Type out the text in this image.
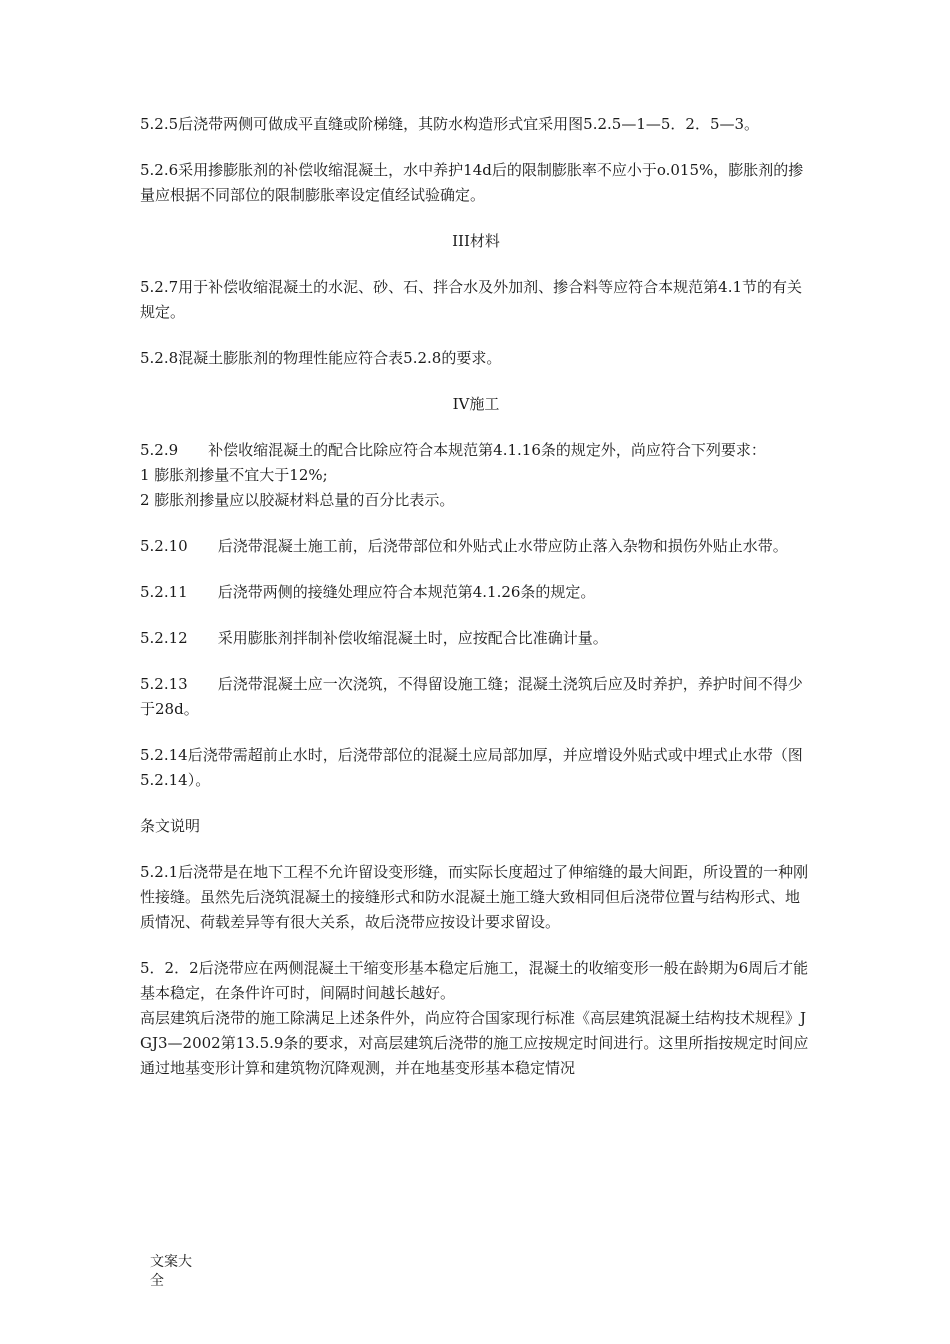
5.2.5后浇带两侧可做成平直缝或阶梯缝，其防水构造形式宜采用图5.2.5—1—5．2．5—3。

5.2.6采用掺膨胀剂的补偿收缩混凝土，水中养护14d后的限制膨胀率不应小于o.015%，膨胀剂的掺量应根据不同部位的限制膨胀率设定值经试验确定。

III材料

5.2.7用于补偿收缩混凝土的水泥、砂、石、拌合水及外加剂、掺合料等应符合本规范第4.1节的有关规定。

5.2.8混凝土膨胀剂的物理性能应符合表5.2.8的要求。

IV施工

5.2.9　　补偿收缩混凝土的配合比除应符合本规范第4.1.16条的规定外，尚应符合下列要求：

1 膨胀剂掺量不宜大于12%;

2 膨胀剂掺量应以胶凝材料总量的百分比表示。

5.2.10　　后浇带混凝土施工前，后浇带部位和外贴式止水带应防止落入杂物和损伤外贴止水带。

5.2.11　　后浇带两侧的接缝处理应符合本规范第4.1.26条的规定。

5.2.12　　采用膨胀剂拌制补偿收缩混凝土时，应按配合比准确计量。

5.2.13　　后浇带混凝土应一次浇筑，不得留设施工缝；混凝土浇筑后应及时养护，养护时间不得少于28d。

5.2.14后浇带需超前止水时，后浇带部位的混凝土应局部加厚，并应增设外贴式或中埋式止水带（图5.2.14）。

条文说明

5.2.1后浇带是在地下工程不允许留设变形缝，而实际长度超过了伸缩缝的最大间距，所设置的一种刚性接缝。虽然先后浇筑混凝土的接缝形式和防水混凝土施工缝大致相同但后浇带位置与结构形式、地质情况、荷载差异等有很大关系，故后浇带应按设计要求留设。

5．2．2后浇带应在两侧混凝土干缩变形基本稳定后施工，混凝土的收缩变形一般在龄期为6周后才能基本稳定，在条件许可时，间隔时间越长越好。

高层建筑后浇带的施工除满足上述条件外，尚应符合国家现行标准《高层建筑混凝土结构技术规程》JGJ3—2002第13.5.9条的要求，对高层建筑后浇带的施工应按规定时间进行。这里所指按规定时间应通过地基变形计算和建筑物沉降观测，并在地基变形基本稳定情况

文案大全
